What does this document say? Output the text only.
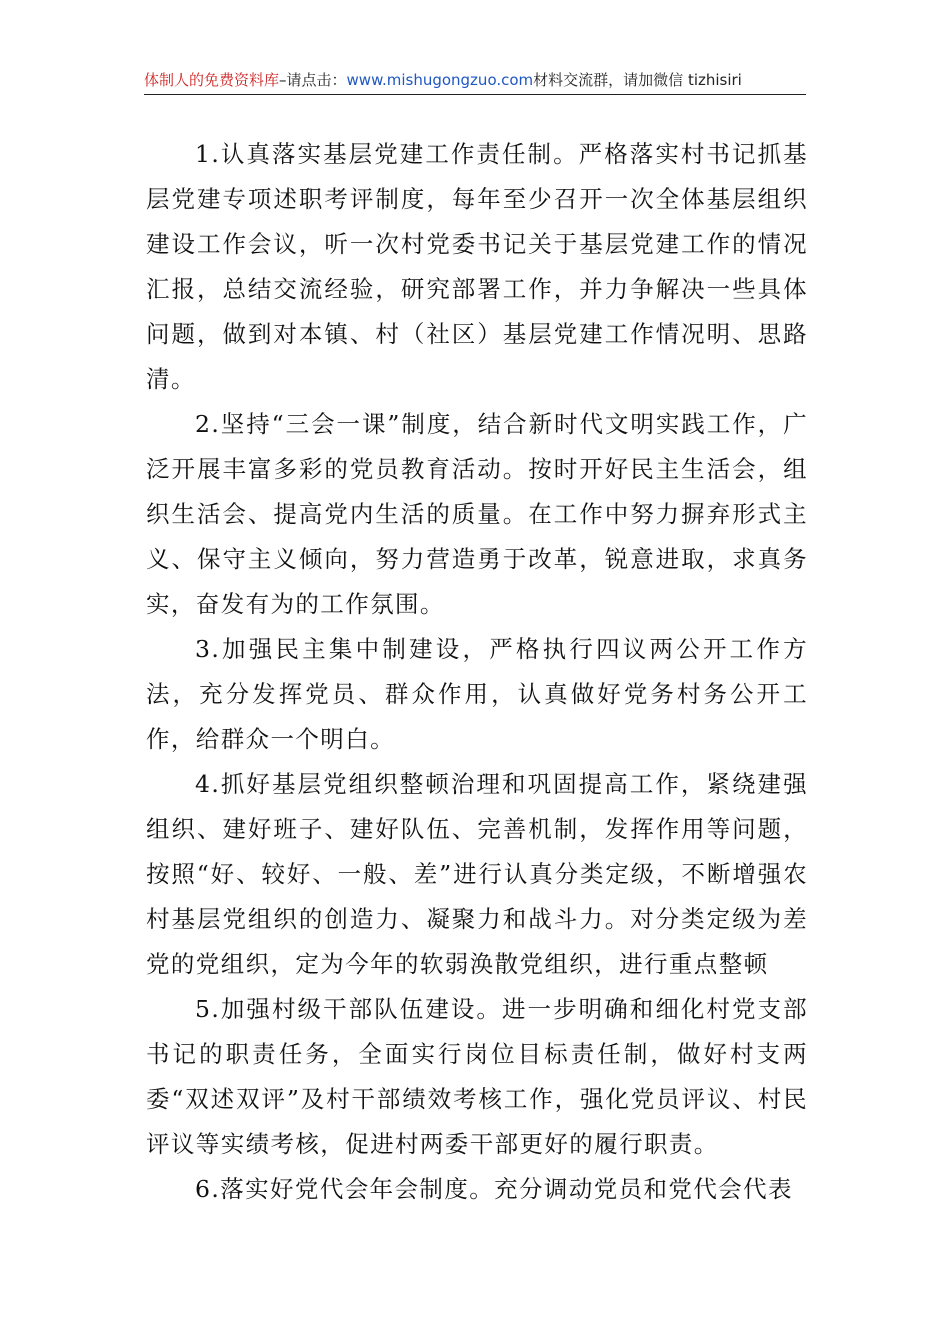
体制人的免费资料库–请点击：www.mishugongzuo.com材料交流群，请加微信 tizhisiri

1.认真落实基层党建工作责任制。严格落实村书记抓基层党建专项述职考评制度，每年至少召开一次全体基层组织建设工作会议，听一次村党委书记关于基层党建工作的情况汇报，总结交流经验，研究部署工作，并力争解决一些具体问题，做到对本镇、村（社区）基层党建工作情况明、思路清。

2.坚持“三会一课”制度，结合新时代文明实践工作，广泛开展丰富多彩的党员教育活动。按时开好民主生活会，组织生活会、提高党内生活的质量。在工作中努力摒弃形式主义、保守主义倾向，努力营造勇于改革，锐意进取，求真务实，奋发有为的工作氛围。

3.加强民主集中制建设，严格执行四议两公开工作方法，充分发挥党员、群众作用，认真做好党务村务公开工作，给群众一个明白。

4.抓好基层党组织整顿治理和巩固提高工作，紧绕建强组织、建好班子、建好队伍、完善机制，发挥作用等问题，按照“好、较好、一般、差”进行认真分类定级，不断增强农村基层党组织的创造力、凝聚力和战斗力。对分类定级为差党的党组织，定为今年的软弱涣散党组织，进行重点整顿

5.加强村级干部队伍建设。进一步明确和细化村党支部书记的职责任务，全面实行岗位目标责任制，做好村支两委“双述双评”及村干部绩效考核工作，强化党员评议、村民评议等实绩考核，促进村两委干部更好的履行职责。

6.落实好党代会年会制度。充分调动党员和党代会代表
